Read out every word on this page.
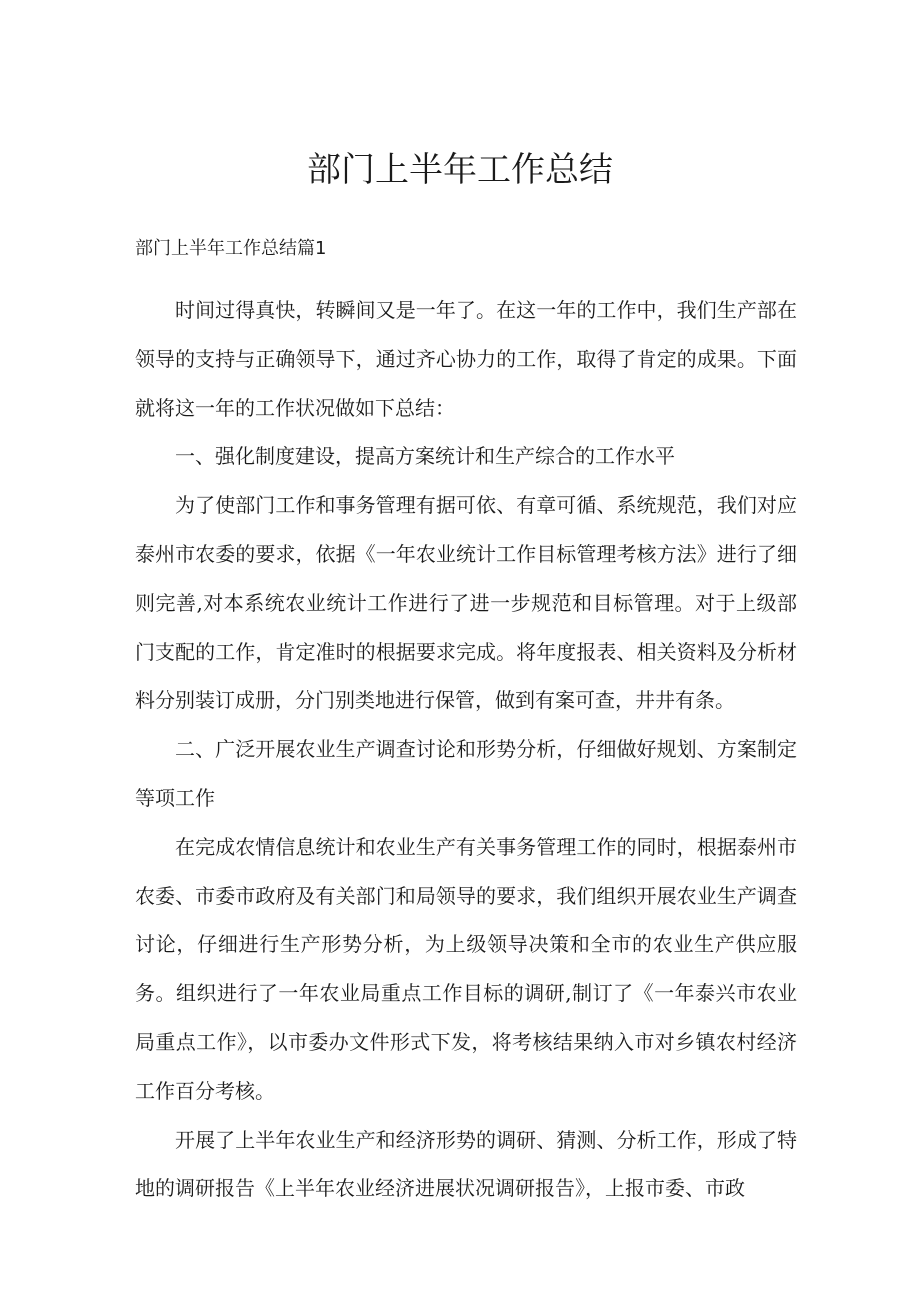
部门上半年工作总结
部门上半年工作总结篇1

时间过得真快，转瞬间又是一年了。在这一年的工作中，我们生产部在领导的支持与正确领导下，通过齐心协力的工作，取得了肯定的成果。下面就将这一年的工作状况做如下总结：

一、强化制度建设，提高方案统计和生产综合的工作水平

为了使部门工作和事务管理有据可依、有章可循、系统规范，我们对应泰州市农委的要求，依据《一年农业统计工作目标管理考核方法》进行了细则完善,对本系统农业统计工作进行了进一步规范和目标管理。对于上级部门支配的工作，肯定准时的根据要求完成。将年度报表、相关资料及分析材料分别装订成册，分门别类地进行保管，做到有案可查，井井有条。

二、广泛开展农业生产调查讨论和形势分析，仔细做好规划、方案制定等项工作

在完成农情信息统计和农业生产有关事务管理工作的同时，根据泰州市农委、市委市政府及有关部门和局领导的要求，我们组织开展农业生产调查讨论，仔细进行生产形势分析，为上级领导决策和全市的农业生产供应服务。组织进行了一年农业局重点工作目标的调研,制订了《一年泰兴市农业局重点工作》，以市委办文件形式下发，将考核结果纳入市对乡镇农村经济工作百分考核。

开展了上半年农业生产和经济形势的调研、猜测、分析工作，形成了特地的调研报告《上半年农业经济进展状况调研报告》，上报市委、市政
